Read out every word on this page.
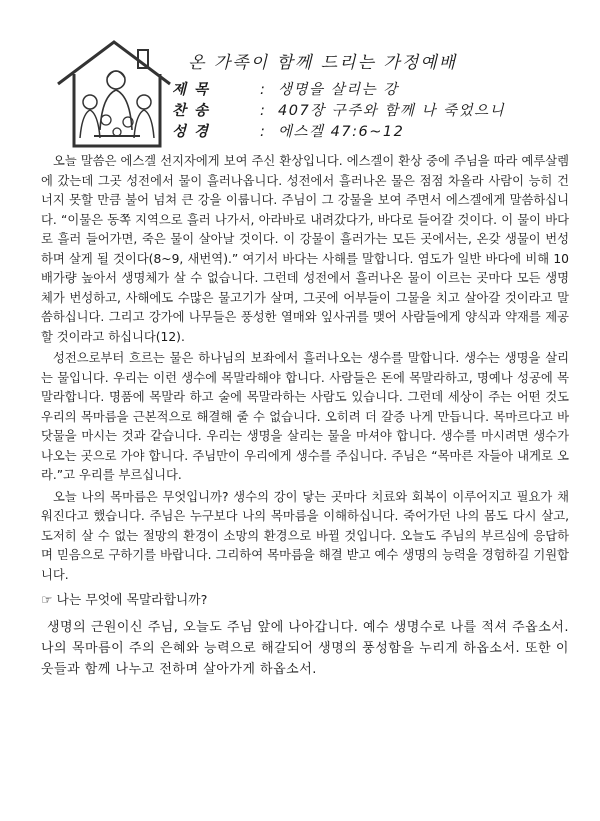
온 가족이 함께 드리는 가정예배
제 목	: 생명을 살리는 강
찬 송	: 407장 구주와 함께 나 죽었으니
성 경	: 에스겔 47:6~12

오늘 말씀은 에스겔 선지자에게 보여 주신 환상입니다. 에스겔이 환상 중에 주님을 따라 예루살렘에 갔는데 그곳 성전에서 물이 흘러나옵니다. 성전에서 흘러나온 물은 점점 차올라 사람이 능히 건너지 못할 만큼 불어 넘쳐 큰 강을 이룹니다. 주님이 그 강물을 보여 주면서 에스겔에게 말씀하십니다. “이물은 동쪽 지역으로 흘러 나가서, 아라바로 내려갔다가, 바다로 들어갈 것이다. 이 물이 바다로 흘러 들어가면, 죽은 물이 살아날 것이다. 이 강물이 흘러가는 모든 곳에서는, 온갖 생물이 번성하며 살게 될 것이다(8~9, 새번역).” 여기서 바다는 사해를 말합니다. 염도가 일반 바다에 비해 10배가량 높아서 생명체가 살 수 없습니다. 그런데 성전에서 흘러나온 물이 이르는 곳마다 모든 생명체가 번성하고, 사해에도 수많은 물고기가 살며, 그곳에 어부들이 그물을 치고 살아갈 것이라고 말씀하십니다. 그리고 강가에 나무들은 풍성한 열매와 잎사귀를 맺어 사람들에게 양식과 약재를 제공할 것이라고 하십니다(12).

성전으로부터 흐르는 물은 하나님의 보좌에서 흘러나오는 생수를 말합니다. 생수는 생명을 살리는 물입니다. 우리는 이런 생수에 목말라해야 합니다. 사람들은 돈에 목말라하고, 명예나 성공에 목말라합니다. 명품에 목말라 하고 술에 목말라하는 사람도 있습니다. 그런데 세상이 주는 어떤 것도 우리의 목마름을 근본적으로 해결해 줄 수 없습니다. 오히려 더 갈증 나게 만듭니다. 목마르다고 바닷물을 마시는 것과 같습니다. 우리는 생명을 살리는 물을 마셔야 합니다. 생수를 마시려면 생수가 나오는 곳으로 가야 합니다. 주님만이 우리에게 생수를 주십니다. 주님은 “목마른 자들아 내게로 오라.”고 우리를 부르십니다.

오늘 나의 목마름은 무엇입니까? 생수의 강이 닿는 곳마다 치료와 회복이 이루어지고 필요가 채워진다고 했습니다. 주님은 누구보다 나의 목마름을 이해하십니다. 죽어가던 나의 몸도 다시 살고, 도저히 살 수 없는 절망의 환경이 소망의 환경으로 바뀔 것입니다. 오늘도 주님의 부르심에 응답하며 믿음으로 구하기를 바랍니다. 그리하여 목마름을 해결 받고 예수 생명의 능력을 경험하길 기원합니다.

☞ 나는 무엇에 목말라합니까?
생명의 근원이신 주님, 오늘도 주님 앞에 나아갑니다. 예수 생명수로 나를 적셔 주옵소서. 나의 목마름이 주의 은혜와 능력으로 해갈되어 생명의 풍성함을 누리게 하옵소서. 또한 이웃들과 함께 나누고 전하며 살아가게 하옵소서.
